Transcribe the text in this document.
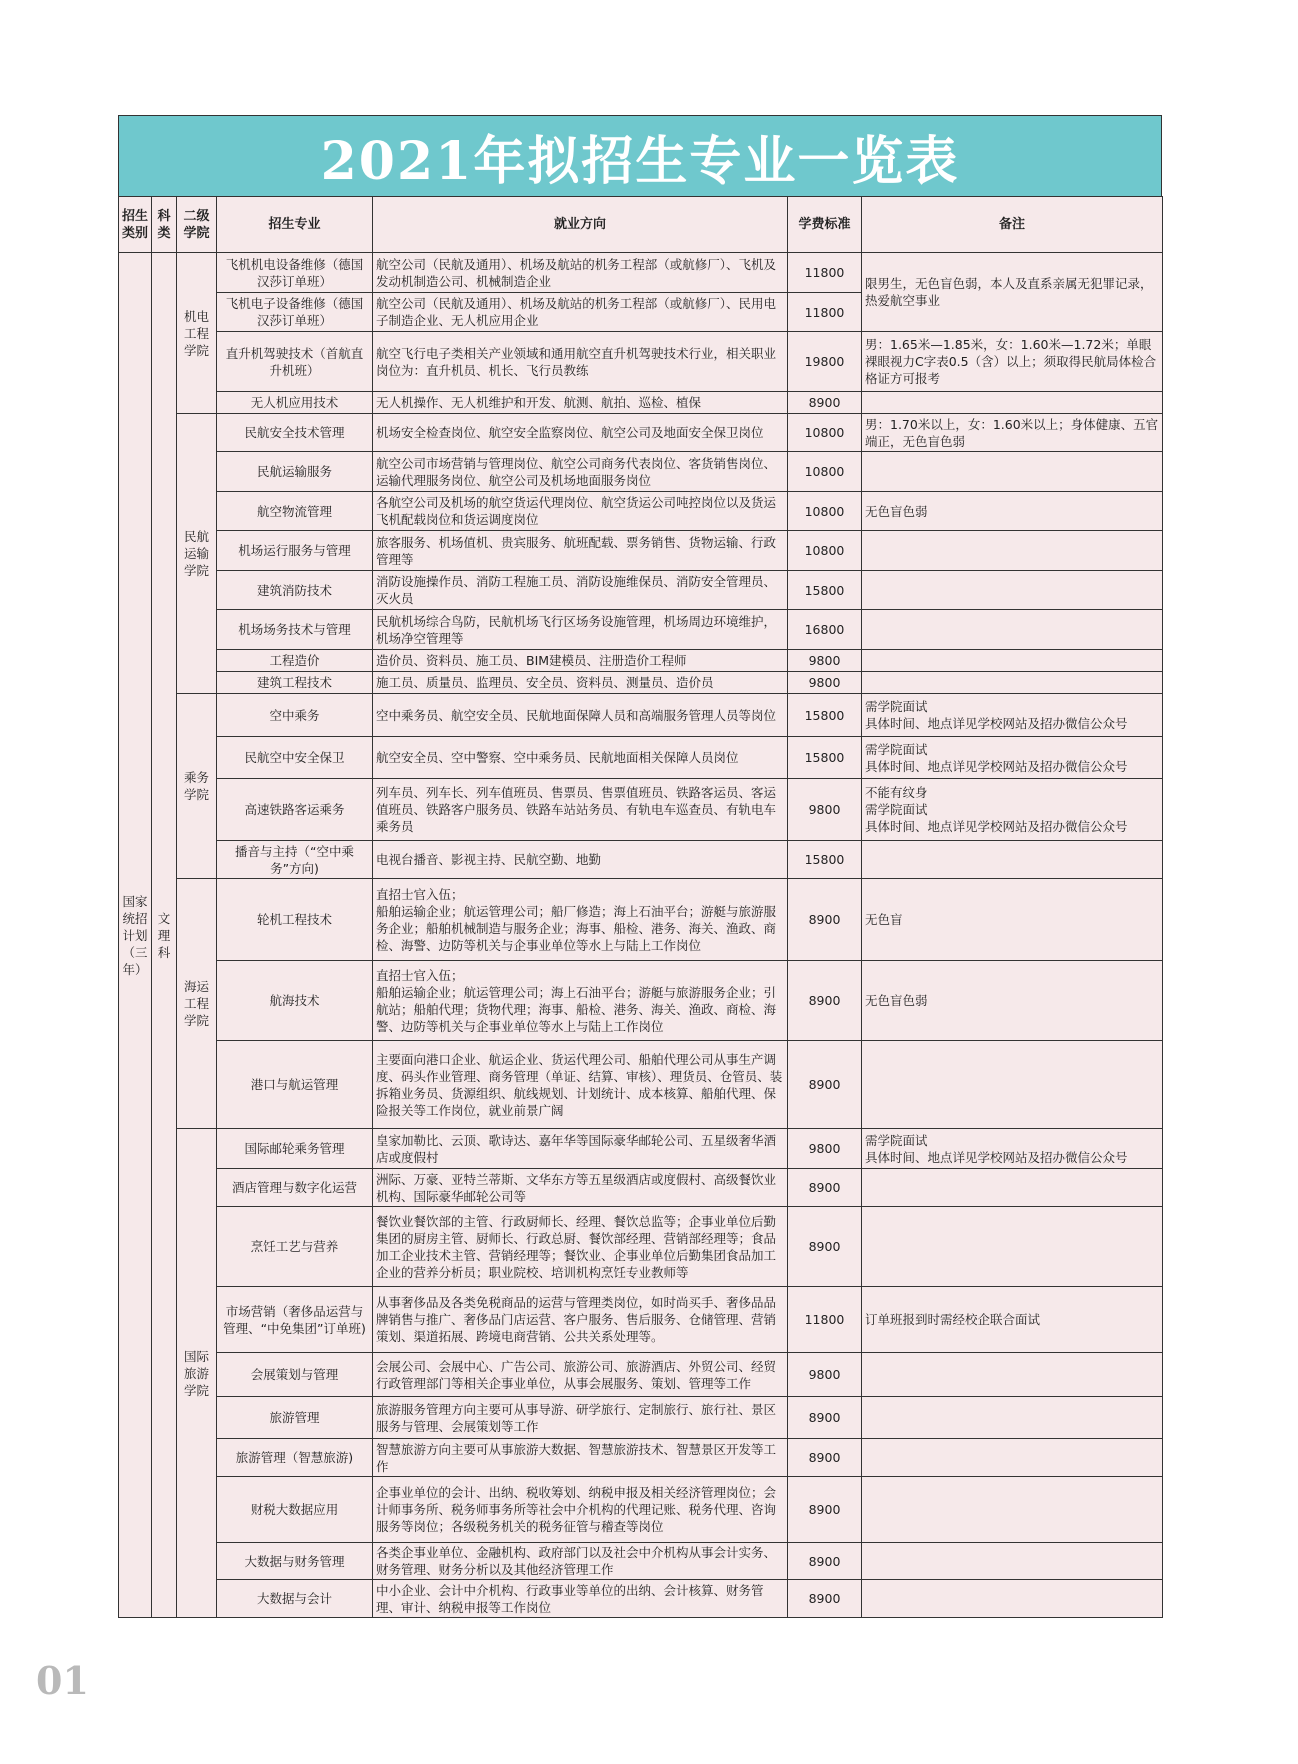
2021年拟招生专业一览表
招生类别	科类	二级学院	招生专业	就业方向	学费标准	备注
国家统招计划（三年）	文理科	机电工程学院	飞机机电设备维修（德国汉莎订单班）	航空公司（民航及通用）、机场及航站的机务工程部（或航修厂）、飞机及发动机制造公司、机械制造企业	11800	限男生，无色盲色弱，本人及直系亲属无犯罪记录，热爱航空事业
			飞机电子设备维修（德国汉莎订单班）	航空公司（民航及通用）、机场及航站的机务工程部（或航修厂）、民用电子制造企业、无人机应用企业	11800	
			直升机驾驶技术（首航直升机班）	航空飞行电子类相关产业领域和通用航空直升机驾驶技术行业，相关职业岗位为：直升机员、机长、飞行员教练	19800	男：1.65米—1.85米，女：1.60米—1.72米；单眼裸眼视力C字表0.5（含）以上；须取得民航局体检合格证方可报考
			无人机应用技术	无人机操作、无人机维护和开发、航测、航拍、巡检、植保	8900	
		民航运输学院	民航安全技术管理	机场安全检查岗位、航空安全监察岗位、航空公司及地面安全保卫岗位	10800	男：1.70米以上，女：1.60米以上；身体健康、五官端正，无色盲色弱
			民航运输服务	航空公司市场营销与管理岗位、航空公司商务代表岗位、客货销售岗位、运输代理服务岗位、航空公司及机场地面服务岗位	10800	
			航空物流管理	各航空公司及机场的航空货运代理岗位、航空货运公司吨控岗位以及货运飞机配载岗位和货运调度岗位	10800	无色盲色弱
			机场运行服务与管理	旅客服务、机场值机、贵宾服务、航班配载、票务销售、货物运输、行政管理等	10800	
			建筑消防技术	消防设施操作员、消防工程施工员、消防设施维保员、消防安全管理员、灭火员	15800	
			机场场务技术与管理	民航机场综合鸟防，民航机场飞行区场务设施管理，机场周边环境维护，机场净空管理等	16800	
			工程造价	造价员、资料员、施工员、BIM建模员、注册造价工程师	9800	
			建筑工程技术	施工员、质量员、监理员、安全员、资料员、测量员、造价员	9800	
		乘务学院	空中乘务	空中乘务员、航空安全员、民航地面保障人员和高端服务管理人员等岗位	15800	需学院面试
具体时间、地点详见学校网站及招办微信公众号
			民航空中安全保卫	航空安全员、空中警察、空中乘务员、民航地面相关保障人员岗位	15800	需学院面试
具体时间、地点详见学校网站及招办微信公众号
			高速铁路客运乘务	列车员、列车长、列车值班员、售票员、售票值班员、铁路客运员、客运值班员、铁路客户服务员、铁路车站站务员、有轨电车巡查员、有轨电车乘务员	9800	不能有纹身
需学院面试
具体时间、地点详见学校网站及招办微信公众号
			播音与主持（“空中乘务”方向)	电视台播音、影视主持、民航空勤、地勤	15800	
		海运工程学院	轮机工程技术	直招士官入伍；
船舶运输企业；航运管理公司；船厂修造；海上石油平台；游艇与旅游服务企业；船舶机械制造与服务企业；海事、船检、港务、海关、渔政、商检、海警、边防等机关与企事业单位等水上与陆上工作岗位	8900	无色盲
			航海技术	直招士官入伍；
船舶运输企业；航运管理公司；海上石油平台；游艇与旅游服务企业；引航站；船舶代理；货物代理；海事、船检、港务、海关、渔政、商检、海警、边防等机关与企事业单位等水上与陆上工作岗位	8900	无色盲色弱
			港口与航运管理	主要面向港口企业、航运企业、货运代理公司、船舶代理公司从事生产调度、码头作业管理、商务管理（单证、结算、审核）、理货员、仓管员、装拆箱业务员、货源组织、航线规划、计划统计、成本核算、船舶代理、保险报关等工作岗位，就业前景广阔	8900	
		国际旅游学院	国际邮轮乘务管理	皇家加勒比、云顶、歌诗达、嘉年华等国际豪华邮轮公司、五星级奢华酒店或度假村	9800	需学院面试
具体时间、地点详见学校网站及招办微信公众号
			酒店管理与数字化运营	洲际、万豪、亚特兰蒂斯、文华东方等五星级酒店或度假村、高级餐饮业机构、国际豪华邮轮公司等	8900	
			烹饪工艺与营养	餐饮业餐饮部的主管、行政厨师长、经理、餐饮总监等；企事业单位后勤集团的厨房主管、厨师长、行政总厨、餐饮部经理、营销部经理等；食品加工企业技术主管、营销经理等；餐饮业、企事业单位后勤集团食品加工企业的营养分析员；职业院校、培训机构烹饪专业教师等	8900	
			市场营销（奢侈品运营与管理、“中免集团”订单班)	从事奢侈品及各类免税商品的运营与管理类岗位，如时尚买手、奢侈品品牌销售与推广、奢侈品门店运营、客户服务、售后服务、仓储管理、营销策划、渠道拓展、跨境电商营销、公共关系处理等。	11800	订单班报到时需经校企联合面试
			会展策划与管理	会展公司、会展中心、广告公司、旅游公司、旅游酒店、外贸公司、经贸行政管理部门等相关企事业单位，从事会展服务、策划、管理等工作	9800	
			旅游管理	旅游服务管理方向主要可从事导游、研学旅行、定制旅行、旅行社、景区服务与管理、会展策划等工作	8900	
			旅游管理（智慧旅游)	智慧旅游方向主要可从事旅游大数据、智慧旅游技术、智慧景区开发等工作	8900	
			财税大数据应用	企事业单位的会计、出纳、税收筹划、纳税申报及相关经济管理岗位；会计师事务所、税务师事务所等社会中介机构的代理记账、税务代理、咨询服务等岗位；各级税务机关的税务征管与稽查等岗位	8900	
			大数据与财务管理	各类企事业单位、金融机构、政府部门以及社会中介机构从事会计实务、财务管理、财务分析以及其他经济管理工作	8900	
			大数据与会计	中小企业、会计中介机构、行政事业等单位的出纳、会计核算、财务管理、审计、纳税申报等工作岗位	8900	
01
